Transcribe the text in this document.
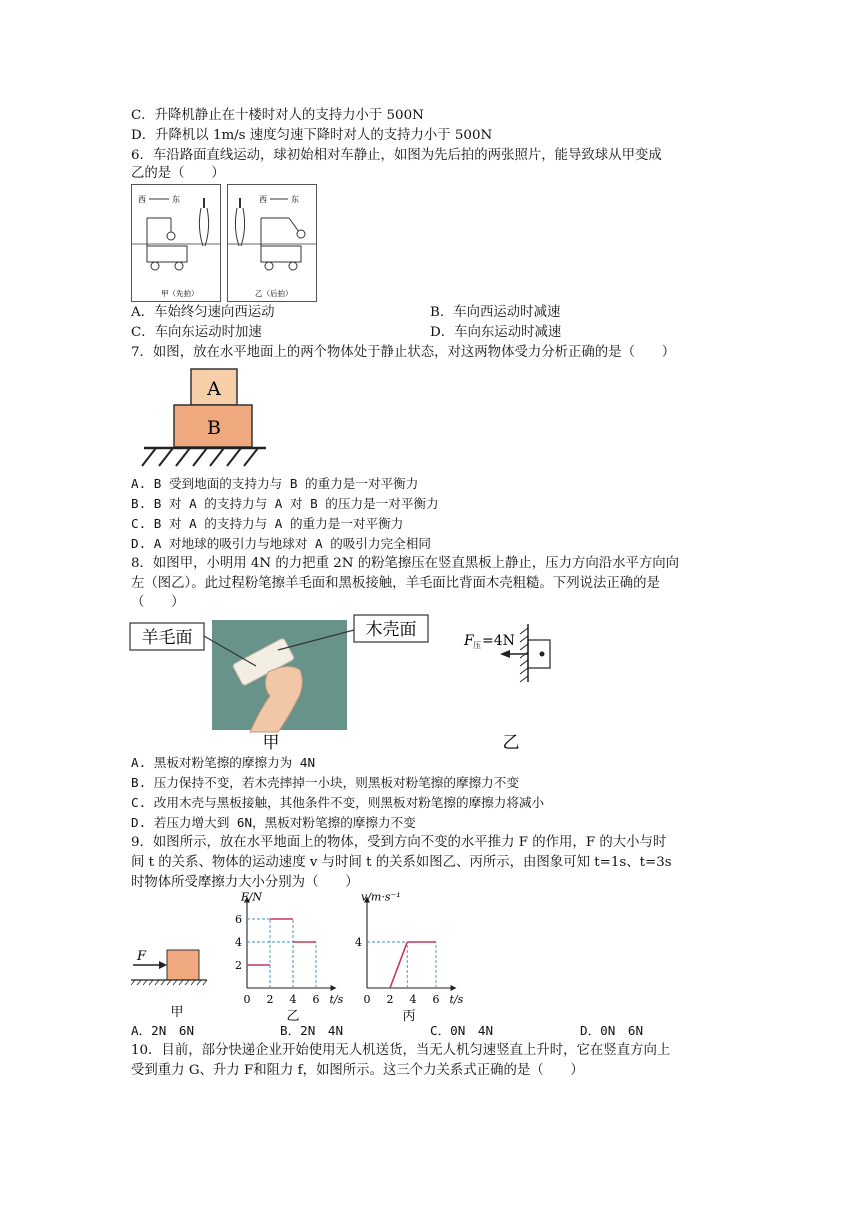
C．升降机静止在十楼时对人的支持力小于 500N
D．升降机以 1m/s 速度匀速下降时对人的支持力小于 500N
6．车沿路面直线运动，球初始相对车静止，如图为先后拍的两张照片，能导致球从甲变成
乙的是（　　）
西	东
甲（先拍）
西	东
乙（后拍）
A．车始终匀速向西运动	B．车向西运动时减速
C．车向东运动时加速	D．车向东运动时减速
7．如图，放在水平地面上的两个物体处于静止状态，对这两物体受力分析正确的是（　　）
A
B
A. B 受到地面的支持力与 B 的重力是一对平衡力
B. B 对 A 的支持力与 A 对 B 的压力是一对平衡力
C. B 对 A 的支持力与 A 的重力是一对平衡力
D. A 对地球的吸引力与地球对 A 的吸引力完全相同
8．如图甲，小明用 4N 的力把重 2N 的粉笔擦压在竖直黑板上静止，压力方向沿水平方向向
左（图乙）。此过程粉笔擦羊毛面和黑板接触，羊毛面比背面木壳粗糙。下列说法正确的是
（　　）
羊毛面	木壳面
F 压 =4N
甲	乙
A. 黑板对粉笔擦的摩擦力为 4N
B. 压力保持不变，若木壳摔掉一小块，则黑板对粉笔擦的摩擦力不变
C. 改用木壳与黑板接触，其他条件不变，则黑板对粉笔擦的摩擦力将减小
D. 若压力增大到 6N，黑板对粉笔擦的摩擦力不变
9．如图所示，放在水平地面上的物体，受到方向不变的水平推力 F 的作用，F 的大小与时
间 t 的关系、物体的运动速度 v 与时间 t 的关系如图乙、丙所示，由图象可知 t=1s、t=3s
时物体所受摩擦力大小分别为（　　）
F
甲
F/N
t/s
0 2 4 6
2
4
6
乙
v/m·s⁻¹
t/s
0 2 4 6
4
丙
A．2N　6N	B．2N　4N	C．0N　4N	D．0N　6N
10．目前，部分快递企业开始使用无人机送货，当无人机匀速竖直上升时，它在竖直方向上
受到重力 G、升力 F和阻力 f，如图所示。这三个力关系式正确的是（　　）
